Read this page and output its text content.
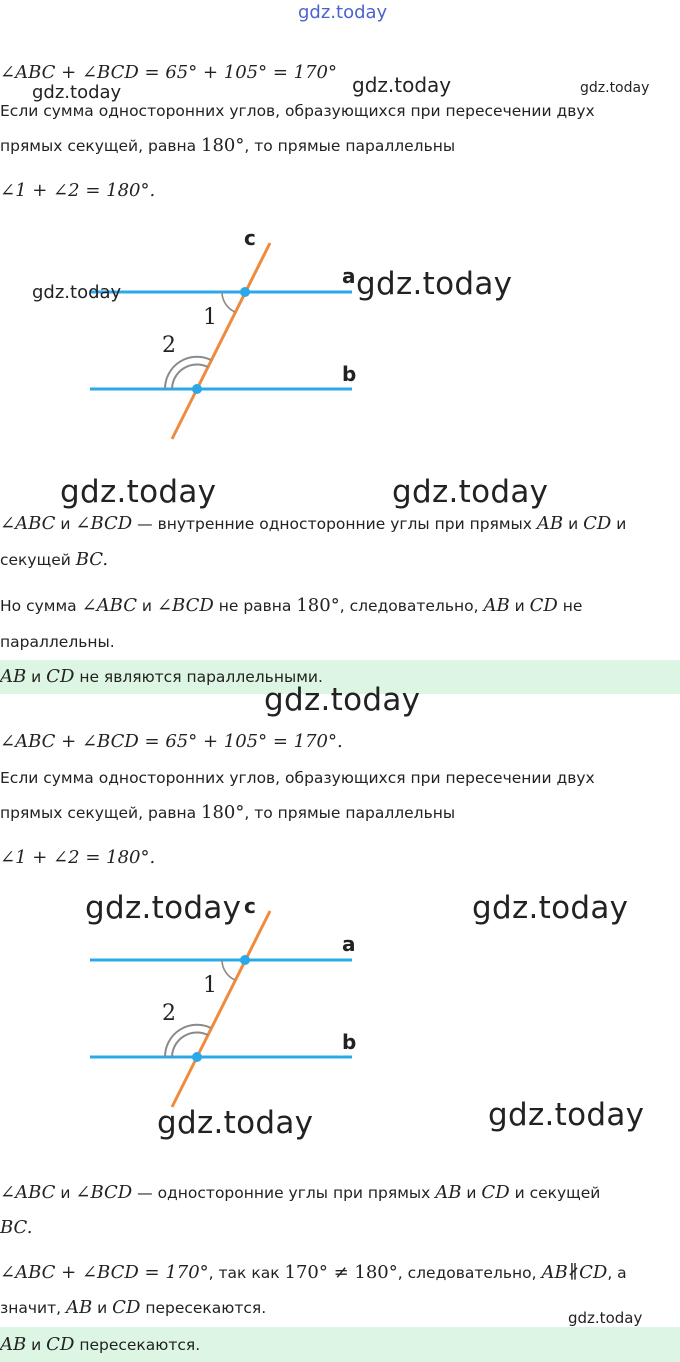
gdz.today
∠ABC + ∠BCD = 65° + 105° = 170°
Если сумма односторонних углов, образующихся при пересечении двух
прямых секущей, равна 180°, то прямые параллельны
∠1 + ∠2 = 180°.
c
a
b
1
2
∠ABC и ∠BCD — внутренние односторонние углы при прямых AB и CD и
секущей BC.
Но сумма ∠ABC и ∠BCD не равна 180°, следовательно, AB и CD не
параллельны.
AB и CD не являются параллельными.
∠ABC + ∠BCD = 65° + 105° = 170°.
Если сумма односторонних углов, образующихся при пересечении двух
прямых секущей, равна 180°, то прямые параллельны
∠1 + ∠2 = 180°.
c
a
b
1
2
∠ABC и ∠BCD — односторонние углы при прямых AB и CD и секущей
BC.
∠ABC + ∠BCD = 170°, так как 170° ≠ 180°, следовательно, AB∦CD, а
значит, AB и CD пересекаются.
AB и CD пересекаются.
gdz.today	gdz.today	gdz.today
gdz.today	gdz.today
gdz.today	gdz.today
gdz.today
gdz.today	gdz.today
gdz.today	gdz.today
gdz.today
